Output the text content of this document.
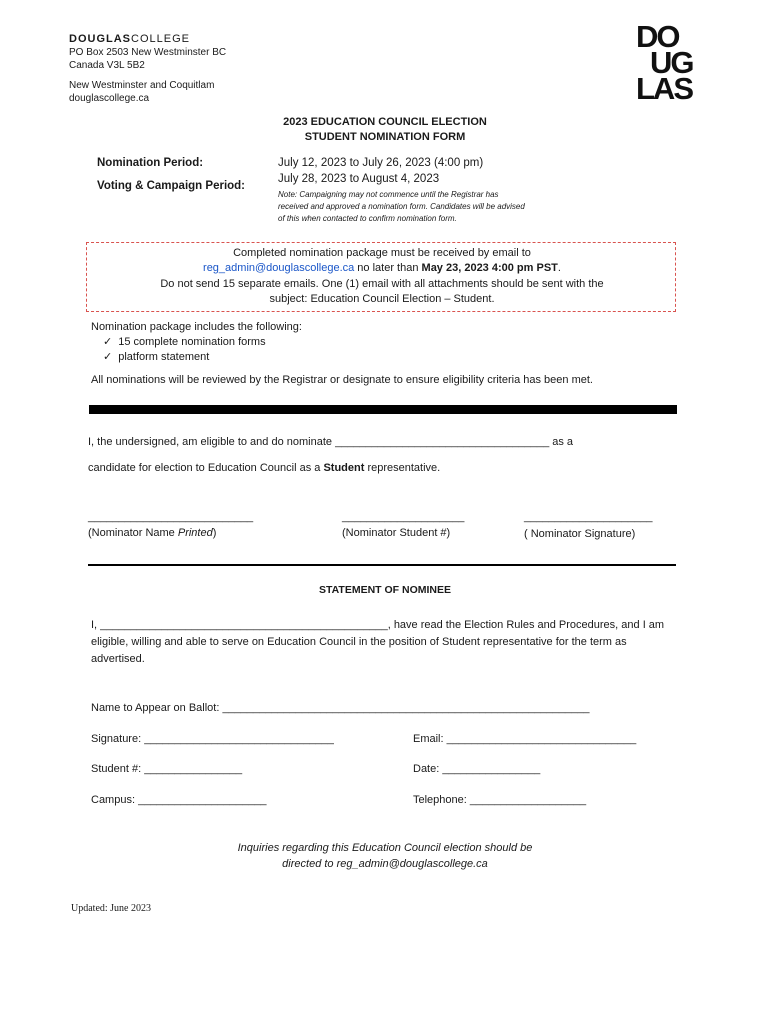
DOUGLASCOLLEGE
PO Box 2503 New Westminster BC
Canada V3L 5B2
New Westminster and Coquitlam
douglascollege.ca
DO
UG
LAS
2023 EDUCATION COUNCIL ELECTION
STUDENT NOMINATION FORM
Nomination Period:	July 12, 2023 to July 26, 2023 (4:00 pm)
Voting & Campaign Period:
July 28, 2023 to August 4, 2023
Note: Campaigning may not commence until the Registrar has
received and approved a nomination form. Candidates will be advised
of this when contacted to confirm nomination form.
Completed nomination package must be received by email to
reg_admin@douglascollege.ca no later than May 23, 2023 4:00 pm PST.
Do not send 15 separate emails. One (1) email with all attachments should be sent with the
subject: Education Council Election – Student.
Nomination package includes the following:
✓ 15 complete nomination forms
✓ platform statement
All nominations will be reviewed by the Registrar or designate to ensure eligibility criteria has been met.
I, the undersigned, am eligible to and do nominate ___________________________________ as a
candidate for election to Education Council as a Student representative.
___________________________
(Nominator Name Printed)
____________________
(Nominator Student #)
_____________________
( Nominator Signature)
STATEMENT OF NOMINEE
I, _______________________________________________, have read the Election Rules and Procedures, and I am eligible, willing and able to serve on Education Council in the position of Student representative for the term as advertised.
Name to Appear on Ballot: ____________________________________________________________
Signature: _______________________________	Email: _______________________________
Student #: ________________	Date: ________________
Campus: _____________________	Telephone: ___________________
Inquiries regarding this Education Council election should be
directed to reg_admin@douglascollege.ca
Updated: June 2023
